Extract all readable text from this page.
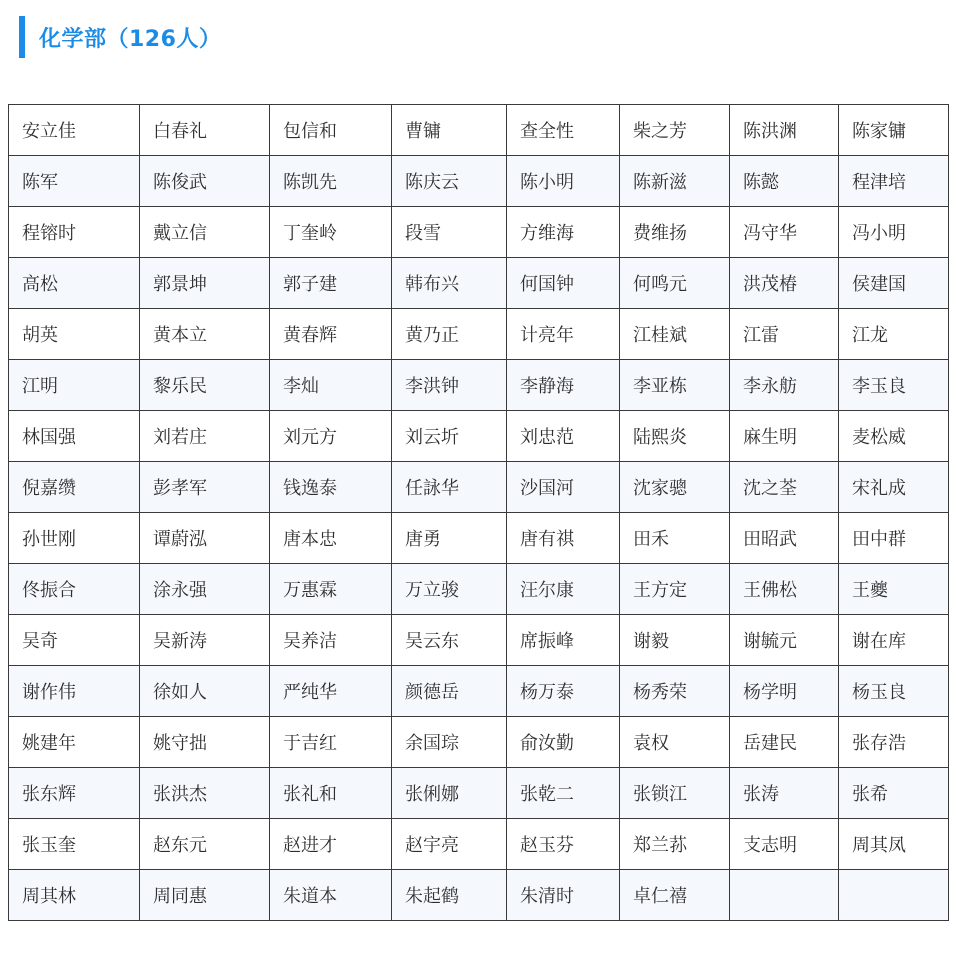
化学部（126人）
安立佳	白春礼	包信和	曹镛	查全性	柴之芳	陈洪渊	陈家镛
陈军	陈俊武	陈凯先	陈庆云	陈小明	陈新滋	陈懿	程津培
程镕时	戴立信	丁奎岭	段雪	方维海	费维扬	冯守华	冯小明
高松	郭景坤	郭子建	韩布兴	何国钟	何鸣元	洪茂椿	侯建国
胡英	黄本立	黄春辉	黄乃正	计亮年	江桂斌	江雷	江龙
江明	黎乐民	李灿	李洪钟	李静海	李亚栋	李永舫	李玉良
林国强	刘若庄	刘元方	刘云圻	刘忠范	陆熙炎	麻生明	麦松威
倪嘉缵	彭孝军	钱逸泰	任詠华	沙国河	沈家骢	沈之荃	宋礼成
孙世刚	谭蔚泓	唐本忠	唐勇	唐有祺	田禾	田昭武	田中群
佟振合	涂永强	万惠霖	万立骏	汪尔康	王方定	王佛松	王夔
吴奇	吴新涛	吴养洁	吴云东	席振峰	谢毅	谢毓元	谢在库
谢作伟	徐如人	严纯华	颜德岳	杨万泰	杨秀荣	杨学明	杨玉良
姚建年	姚守拙	于吉红	余国琮	俞汝勤	袁权	岳建民	张存浩
张东辉	张洪杰	张礼和	张俐娜	张乾二	张锁江	张涛	张希
张玉奎	赵东元	赵进才	赵宇亮	赵玉芬	郑兰荪	支志明	周其凤
周其林	周同惠	朱道本	朱起鹤	朱清时	卓仁禧		
